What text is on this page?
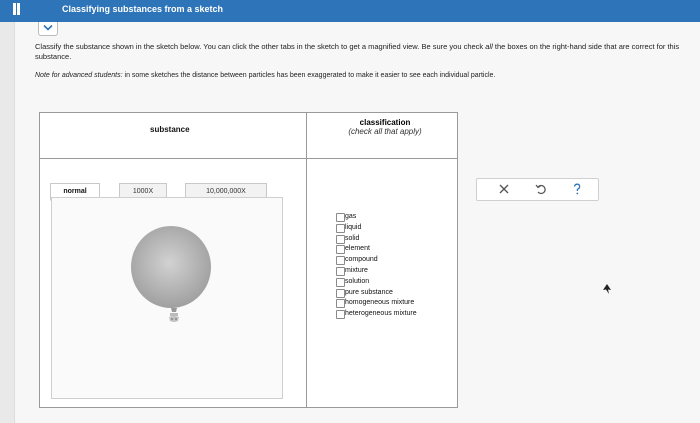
Classifying substances from a sketch
Classify the substance shown in the sketch below. You can click the other tabs in the sketch to get a magnified view. Be sure you check all the boxes on the right-hand side that are correct for this substance.
Note for advanced students: in some sketches the distance between particles has been exaggerated to make it easier to see each individual particle.
substance
classification
(check all that apply)
normal	1000X	10,000,000X
gas
liquid
solid
element
compound
mixture
solution
pure substance
homogeneous mixture
heterogeneous mixture
